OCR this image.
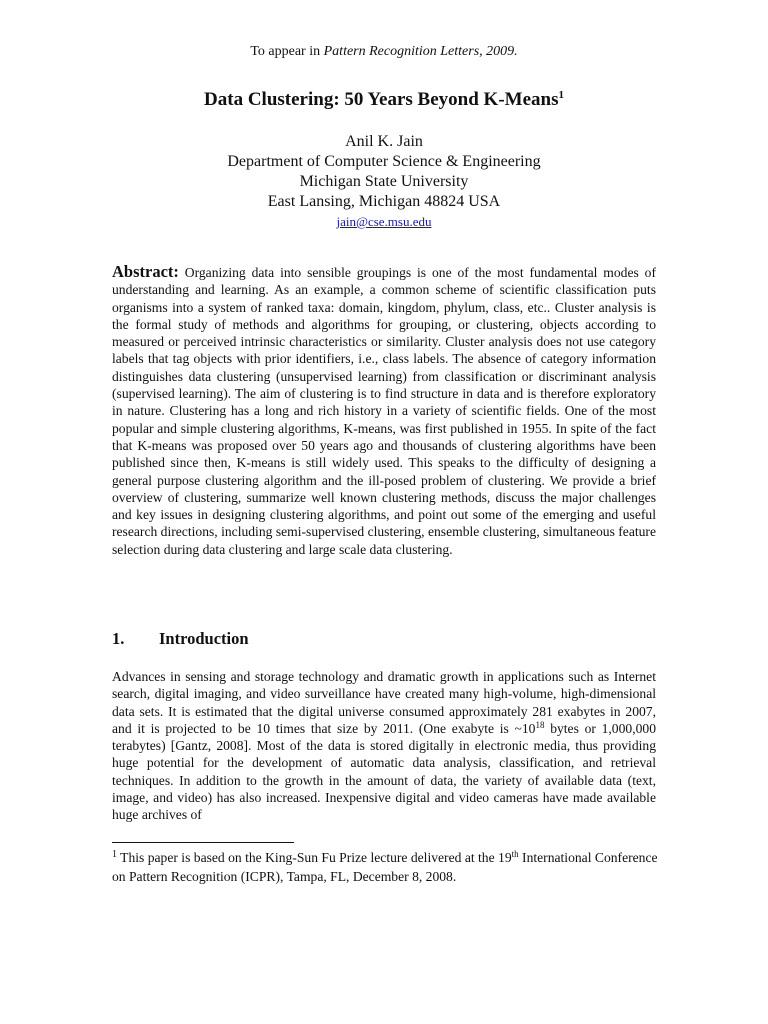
To appear in Pattern Recognition Letters, 2009.
Data Clustering: 50 Years Beyond K-Means$^1$
Anil K. Jain
Department of Computer Science & Engineering
Michigan State University
East Lansing, Michigan 48824 USA
jain@cse.msu.edu
Abstract: Organizing data into sensible groupings is one of the most fundamental modes of understanding and learning. As an example, a common scheme of scientific classification puts organisms into a system of ranked taxa: domain, kingdom, phylum, class, etc.. Cluster analysis is the formal study of methods and algorithms for grouping, or clustering, objects according to measured or perceived intrinsic characteristics or similarity. Cluster analysis does not use category labels that tag objects with prior identifiers, i.e., class labels. The absence of category information distinguishes data clustering (unsupervised learning) from classification or discriminant analysis (supervised learning). The aim of clustering is to find structure in data and is therefore exploratory in nature. Clustering has a long and rich history in a variety of scientific fields. One of the most popular and simple clustering algorithms, K-means, was first published in 1955. In spite of the fact that K-means was proposed over 50 years ago and thousands of clustering algorithms have been published since then, K-means is still widely used. This speaks to the difficulty of designing a general purpose clustering algorithm and the ill-posed problem of clustering. We provide a brief overview of clustering, summarize well known clustering methods, discuss the major challenges and key issues in designing clustering algorithms, and point out some of the emerging and useful research directions, including semi-supervised clustering, ensemble clustering, simultaneous feature selection during data clustering and large scale data clustering.
1. Introduction
Advances in sensing and storage technology and dramatic growth in applications such as Internet search, digital imaging, and video surveillance have created many high-volume, high-dimensional data sets. It is estimated that the digital universe consumed approximately 281 exabytes in 2007, and it is projected to be 10 times that size by 2011. (One exabyte is $\sim 10^{18}$ bytes or 1,000,000 terabytes) [Gantz, 2008]. Most of the data is stored digitally in electronic media, thus providing huge potential for the development of automatic data analysis, classification, and retrieval techniques. In addition to the growth in the amount of data, the variety of available data (text, image, and video) has also increased. Inexpensive digital and video cameras have made available huge archives of
$^1$ This paper is based on the King-Sun Fu Prize lecture delivered at the 19th International Conference on Pattern Recognition (ICPR), Tampa, FL, December 8, 2008.
